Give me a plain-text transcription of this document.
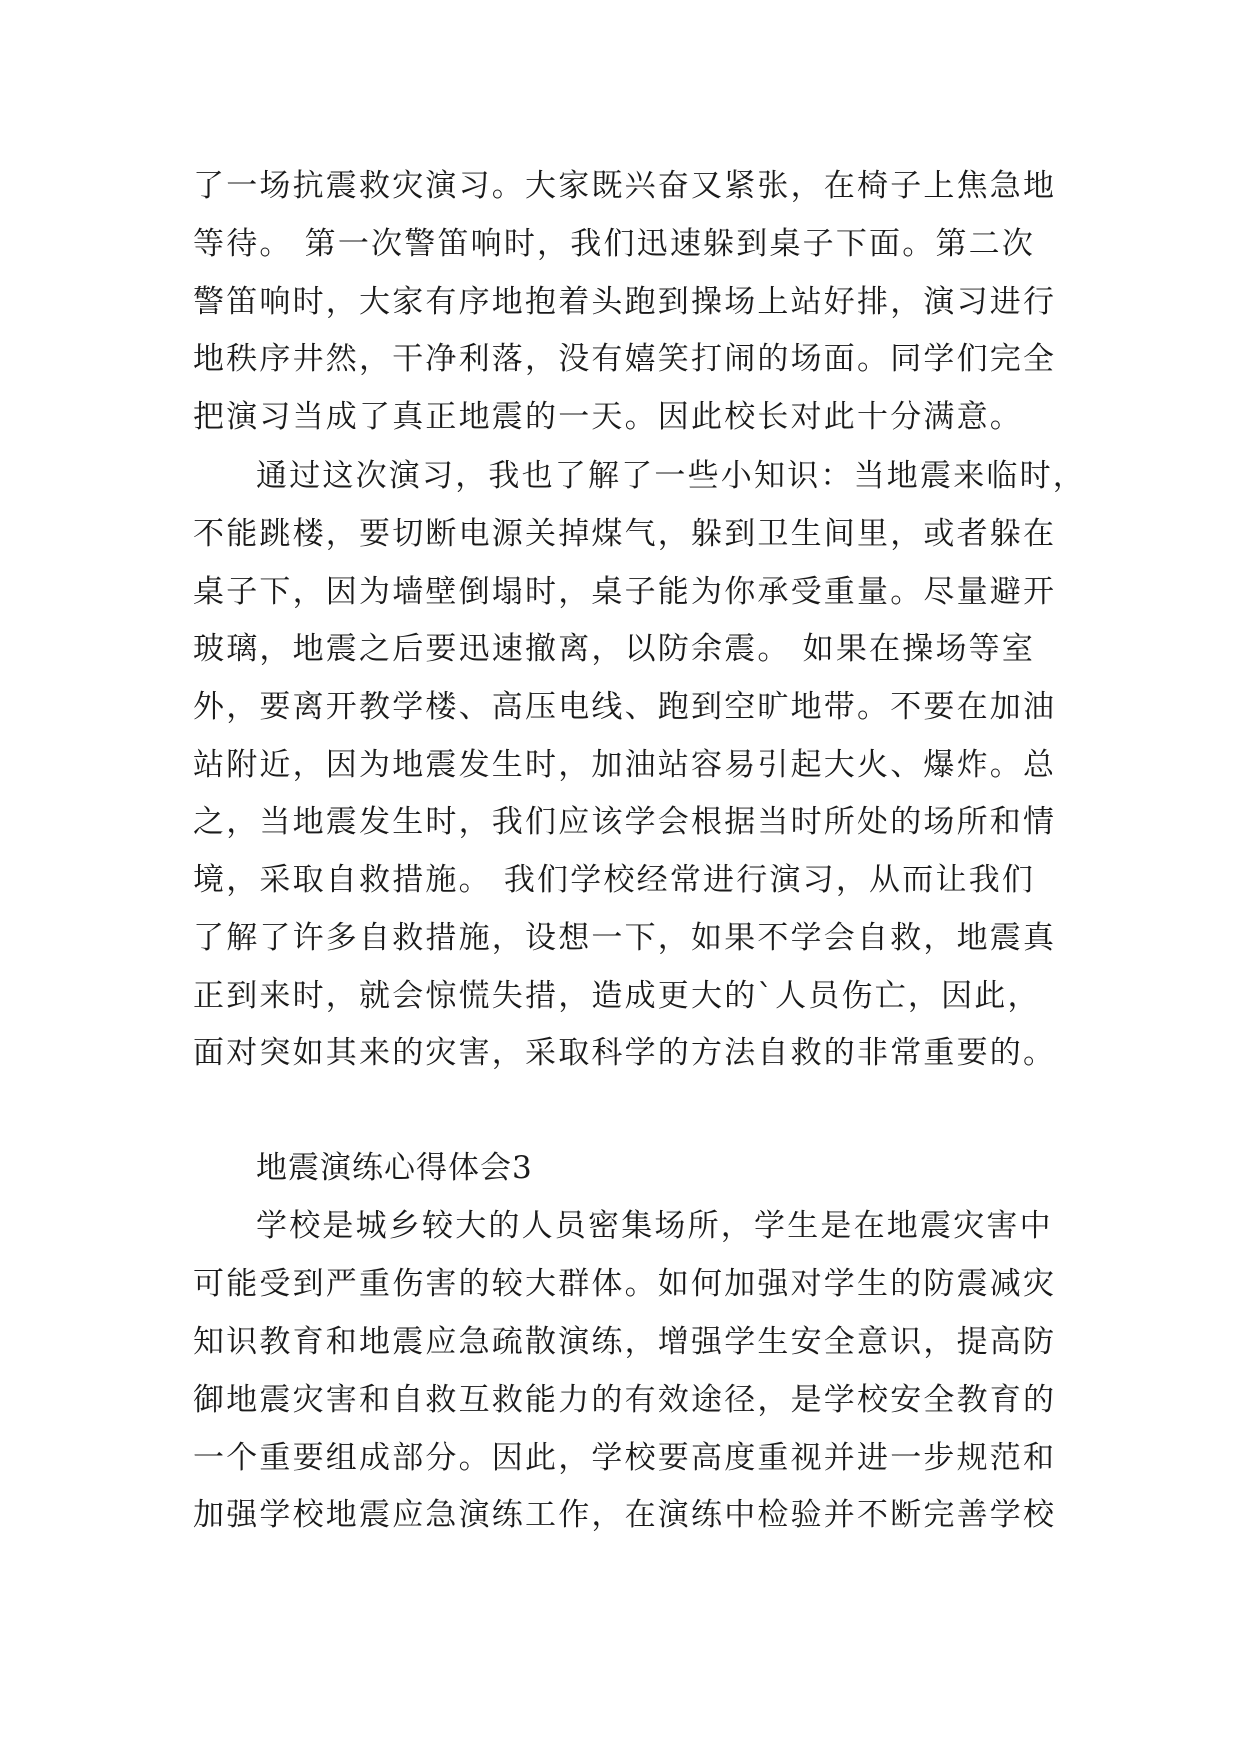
了一场抗震救灾演习。大家既兴奋又紧张，在椅子上焦急地

等待。 第一次警笛响时，我们迅速躲到桌子下面。第二次

警笛响时，大家有序地抱着头跑到操场上站好排，演习进行

地秩序井然，干净利落，没有嬉笑打闹的场面。同学们完全

把演习当成了真正地震的一天。因此校长对此十分满意。

通过这次演习，我也了解了一些小知识：当地震来临时，

不能跳楼，要切断电源关掉煤气，躲到卫生间里，或者躲在

桌子下，因为墙壁倒塌时，桌子能为你承受重量。尽量避开

玻璃，地震之后要迅速撤离，以防余震。 如果在操场等室

外，要离开教学楼、高压电线、跑到空旷地带。不要在加油

站附近，因为地震发生时，加油站容易引起大火、爆炸。总

之，当地震发生时，我们应该学会根据当时所处的场所和情

境，采取自救措施。 我们学校经常进行演习，从而让我们

了解了许多自救措施，设想一下，如果不学会自救，地震真

正到来时，就会惊慌失措，造成更大的`人员伤亡，因此，

面对突如其来的灾害，采取科学的方法自救的非常重要的。

地震演练心得体会3

学校是城乡较大的人员密集场所，学生是在地震灾害中

可能受到严重伤害的较大群体。如何加强对学生的防震减灾

知识教育和地震应急疏散演练，增强学生安全意识，提高防

御地震灾害和自救互救能力的有效途径，是学校安全教育的

一个重要组成部分。因此，学校要高度重视并进一步规范和

加强学校地震应急演练工作，在演练中检验并不断完善学校
